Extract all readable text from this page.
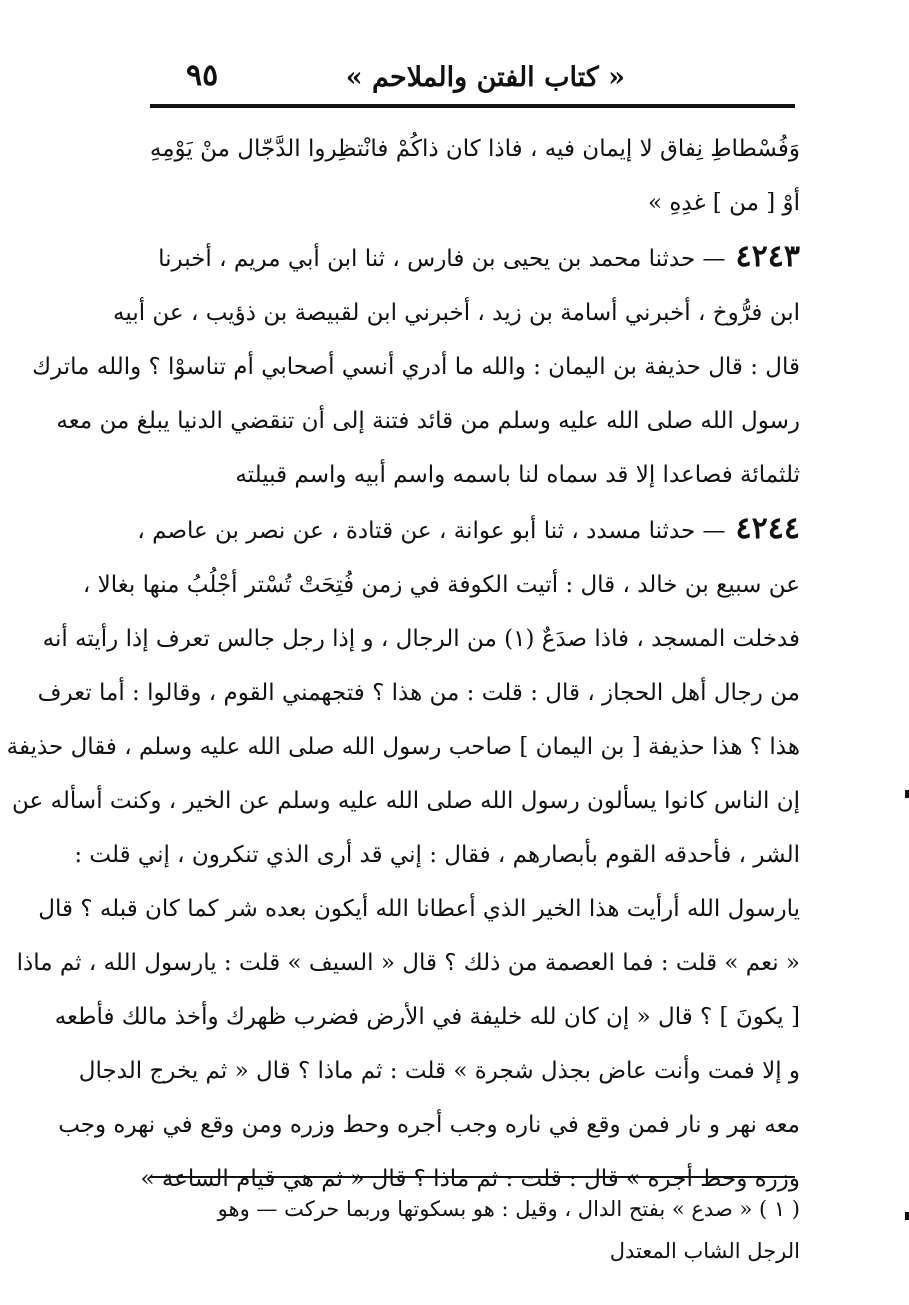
« كتاب الفتن والملاحم »
٩٥
وَفُسْطاطِ نِفاق لا إيمان فيه ، فاذا كان ذاكُمْ فانْتظِروا الدَّجّال منْ يَوْمِهِ
أوْ [ من ] غدِهِ »
٤٢٤٣— حدثنا محمد بن يحيى بن فارس ، ثنا ابن أبي مريم ، أخبرنا
ابن فرُّوخ ، أخبرني أسامة بن زيد ، أخبرني ابن لقبيصة بن ذؤيب ، عن أبيه
قال : قال حذيفة بن اليمان : والله ما أدري أنسي أصحابي أم تناسوْا ؟ والله ماترك
رسول الله صلى الله عليه وسلم من قائد فتنة إلى أن تنقضي الدنيا يبلغ من معه
ثلثمائة فصاعدا إلا قد سماه لنا باسمه واسم أبيه واسم قبيلته
٤٢٤٤— حدثنا مسدد ، ثنا أبو عوانة ، عن قتادة ، عن نصر بن عاصم ،
عن سبيع بن خالد ، قال : أتيت الكوفة في زمن فُتِحَتْ تُسْتر أجْلُبُ منها بغالا ،
فدخلت المسجد ، فاذا صدَعٌ (١) من الرجال ، و إذا رجل جالس تعرف إذا رأيته أنه
من رجال أهل الحجاز ، قال : قلت : من هذا ؟ فتجهمني القوم ، وقالوا : أما تعرف
هذا ؟ هذا حذيفة [ بن اليمان ] صاحب رسول الله صلى الله عليه وسلم ، فقال حذيفة
إن الناس كانوا يسألون رسول الله صلى الله عليه وسلم عن الخير ، وكنت أسأله عن
الشر ، فأحدقه القوم بأبصارهم ، فقال : إني قد أرى الذي تنكرون ، إني قلت :
يارسول الله أرأيت هذا الخير الذي أعطانا الله أيكون بعده شر كما كان قبله ؟ قال
« نعم » قلت : فما العصمة من ذلك ؟ قال « السيف » قلت : يارسول الله ، ثم ماذا
[ يكونَ ] ؟ قال « إن كان لله خليفة في الأرض فضرب ظهرك وأخذ مالك فأطعه
و إلا فمت وأنت عاض بجذل شجرة » قلت : ثم ماذا ؟ قال « ثم يخرج الدجال
معه نهر و نار فمن وقع في ناره وجب أجره وحط وزره ومن وقع في نهره وجب
وزره وحط أجره » قال : قلت : ثم ماذا ؟ قال « ثم هي قيام الساعة »
( ١ ) « صدع » بفتح الدال ، وقيل : هو بسكوتها وربما حركت — وهو
الرجل الشاب المعتدل
